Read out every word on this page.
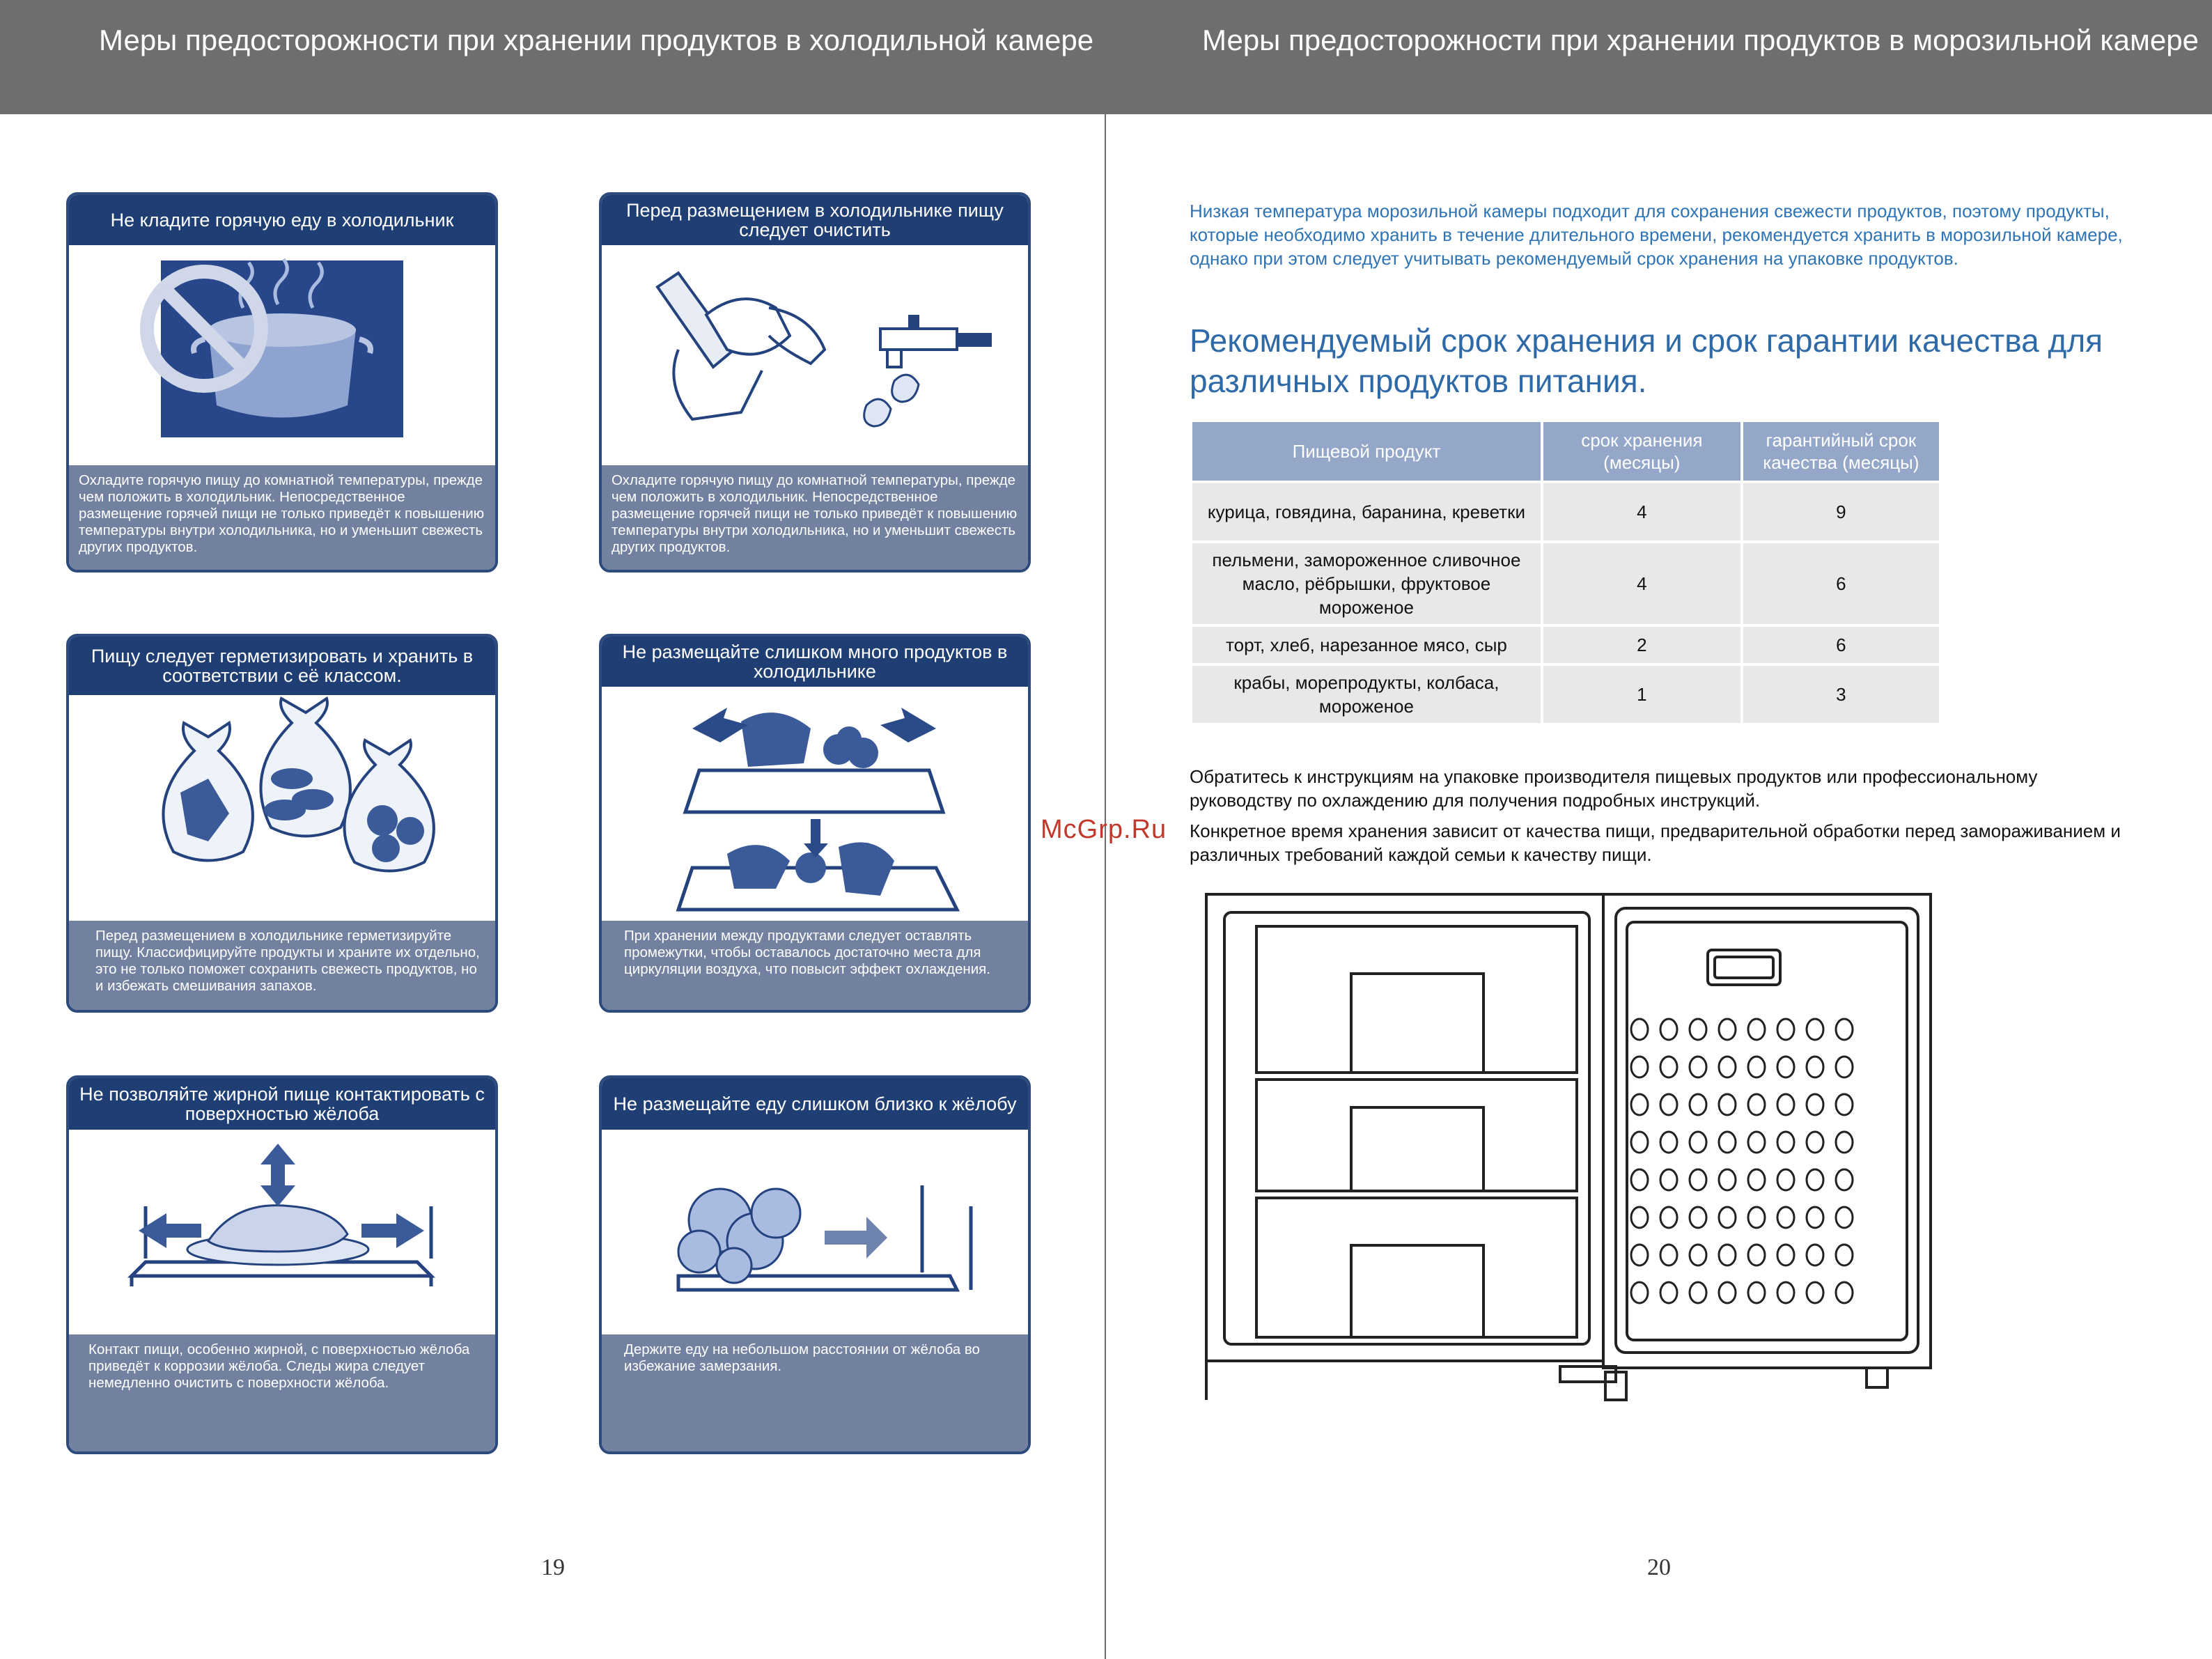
Меры предосторожности при хранении продуктов в холодильной камере
Не кладите горячую еду в холодильник
Охладите горячую пищу до комнатной температуры, прежде чем положить в холодильник. Непосредственное размещение горячей пищи не только приведёт к повышению температуры внутри холодильника, но и уменьшит свежесть других продуктов.
Перед размещением в холодильнике пищу следует очистить
Охладите горячую пищу до комнатной температуры, прежде чем положить в холодильник. Непосредственное размещение горячей пищи не только приведёт к повышению температуры внутри холодильника, но и уменьшит свежесть других продуктов.
Пищу следует герметизировать и хранить в соответствии с её классом.
Перед размещением в холодильнике герметизируйте пищу. Классифицируйте продукты и храните их отдельно, это не только поможет сохранить свежесть продуктов, но и избежать смешивания запахов.
Не размещайте слишком много продуктов в холодильнике
При хранении между продуктами следует оставлять промежутки, чтобы оставалось достаточно места для циркуляции воздуха, что повысит эффект охлаждения.
Не позволяйте жирной пище контактировать с поверхностью жёлоба
Контакт пищи, особенно жирной, с поверхностью жёлоба приведёт к коррозии жёлоба. Следы жира следует немедленно очистить с поверхности жёлоба.
Не размещайте еду слишком близко к жёлобу
Держите еду на небольшом расстоянии от жёлоба во избежание замерзания.
19
Меры предосторожности при хранении продуктов в морозильной камере
20
Низкая температура морозильной камеры подходит для сохранения свежести продуктов, поэтому продукты, которые необходимо хранить в течение длительного времени, рекомендуется хранить в морозильной камере, однако при этом следует учитывать рекомендуемый срок хранения на упаковке продуктов.
Рекомендуемый срок хранения и срок гарантии качества для различных продуктов питания.
Пищевой продукт	срок хранения (месяцы)	гарантийный срок качества (месяцы)
курица, говядина, баранина, креветки	4	9
пельмени, замороженное сливочное масло, рёбрышки, фруктовое мороженое	4	6
торт, хлеб, нарезанное мясо, сыр	2	6
крабы, морепродукты, колбаса, мороженое	1	3
Обратитесь к инструкциям на упаковке производителя пищевых продуктов или профессиональному руководству по охлаждению для получения подробных инструкций.
Конкретное время хранения зависит от качества пищи, предварительной обработки перед замораживанием и различных требований каждой семьи к качеству пищи.
McGrp.Ru
